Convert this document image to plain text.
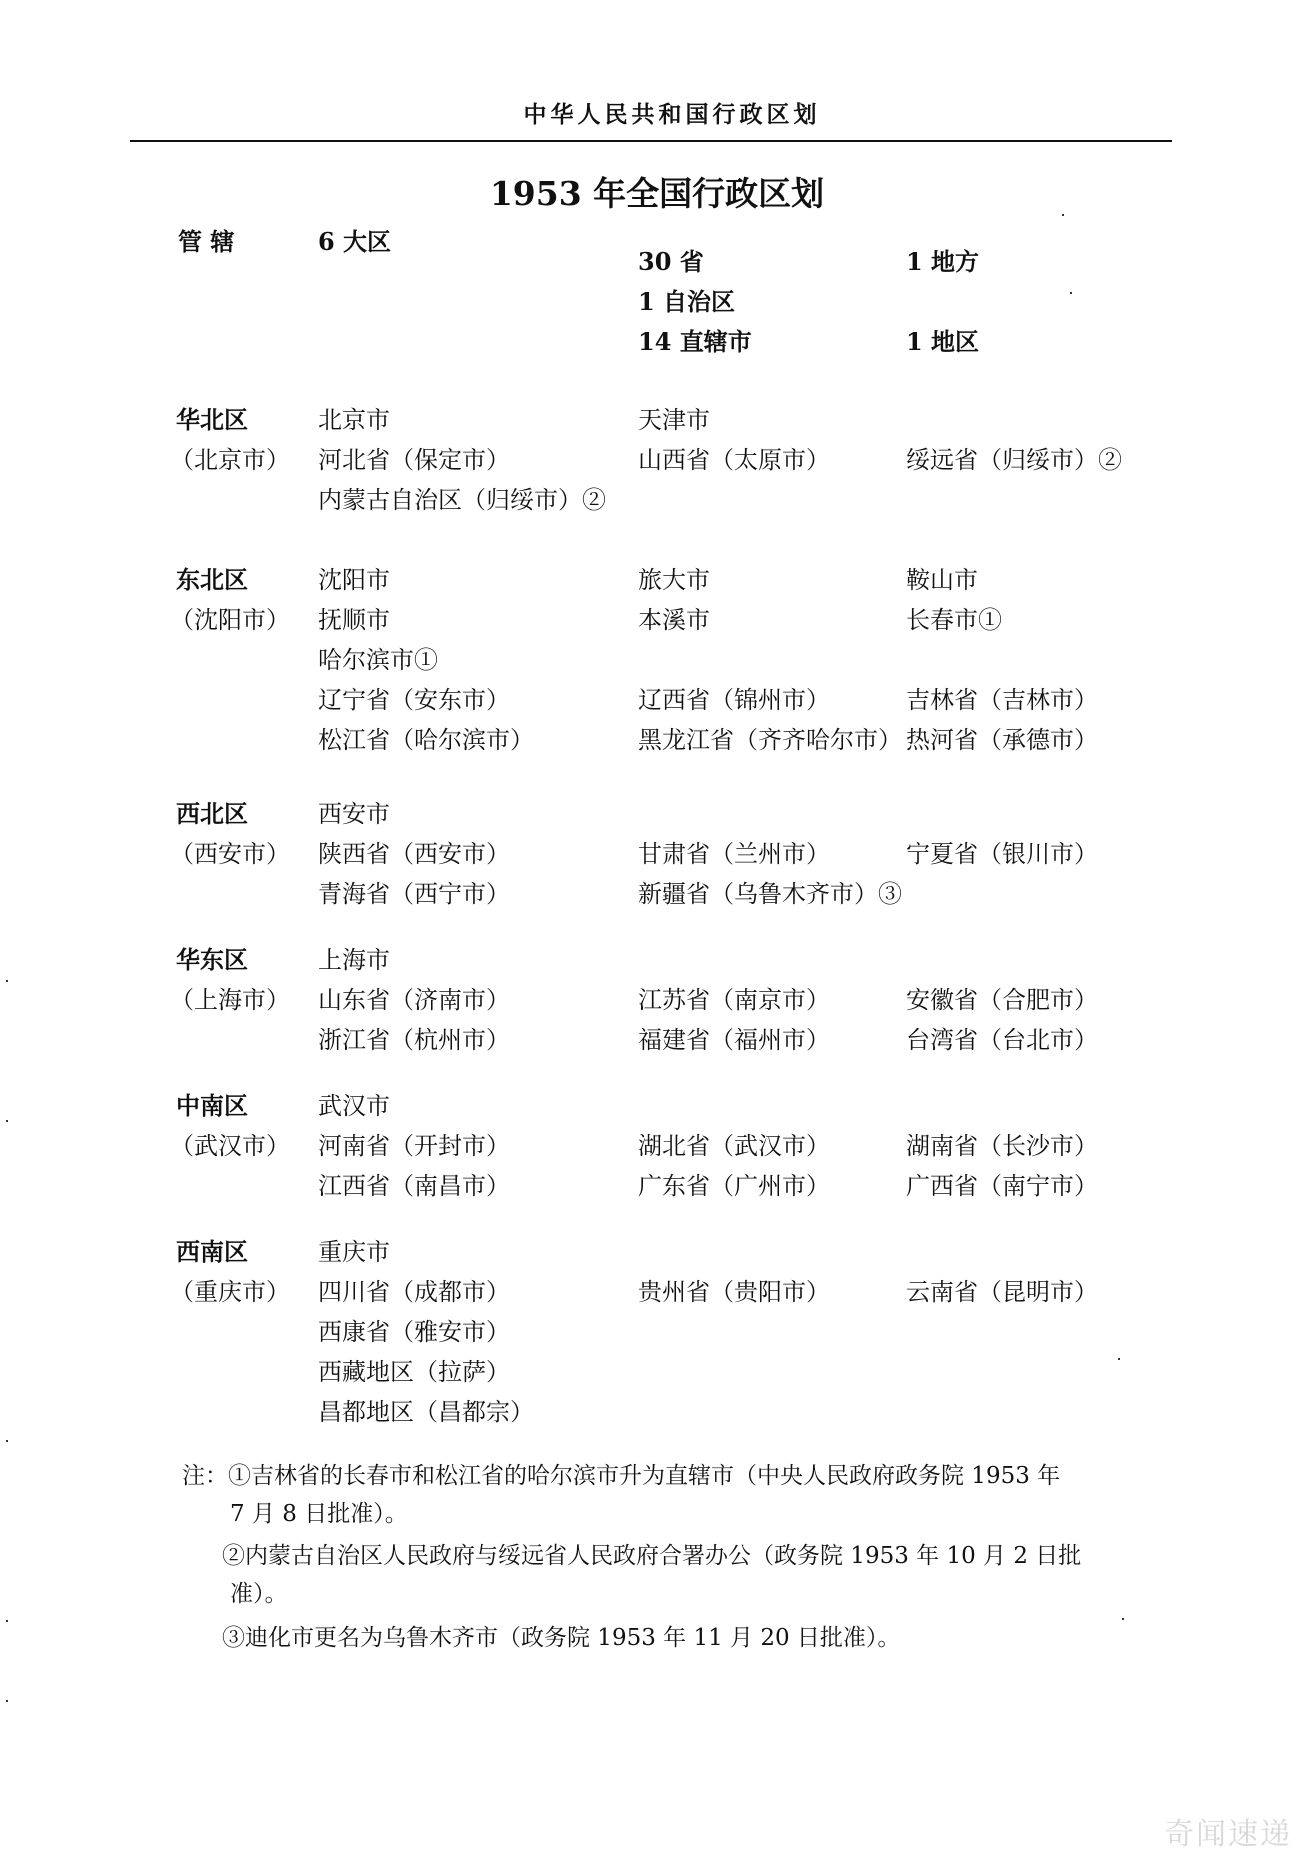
中华人民共和国行政区划
1953 年全国行政区划
管 辖	6 大区
30 省	1 地方
1 自治区
14 直辖市	1 地区
华北区
（北京市）
北京市	天津市
河北省（保定市）	山西省（太原市）	绥远省（归绥市）②
内蒙古自治区（归绥市）②
东北区
（沈阳市）
沈阳市	旅大市	鞍山市
抚顺市	本溪市	长春市①
哈尔滨市①
辽宁省（安东市）	辽西省（锦州市）	吉林省（吉林市）
松江省（哈尔滨市）	黑龙江省（齐齐哈尔市） 热河省（承德市）
西北区
（西安市）
西安市
陕西省（西安市）	甘肃省（兰州市）	宁夏省（银川市）
青海省（西宁市）	新疆省（乌鲁木齐市）③
华东区
（上海市）
上海市
山东省（济南市）	江苏省（南京市）	安徽省（合肥市）
浙江省（杭州市）	福建省（福州市）	台湾省（台北市）
中南区
（武汉市）
武汉市
河南省（开封市）	湖北省（武汉市）	湖南省（长沙市）
江西省（南昌市）	广东省（广州市）	广西省（南宁市）
西南区
（重庆市）
重庆市
四川省（成都市）	贵州省（贵阳市）	云南省（昆明市）
西康省（雅安市）
西藏地区（拉萨）
昌都地区（昌都宗）
注：①吉林省的长春市和松江省的哈尔滨市升为直辖市（中央人民政府政务院 1953 年
7 月 8 日批准）。
②内蒙古自治区人民政府与绥远省人民政府合署办公（政务院 1953 年 10 月 2 日批
准）。
③迪化市更名为乌鲁木齐市（政务院 1953 年 11 月 20 日批准）。
奇闻速递
